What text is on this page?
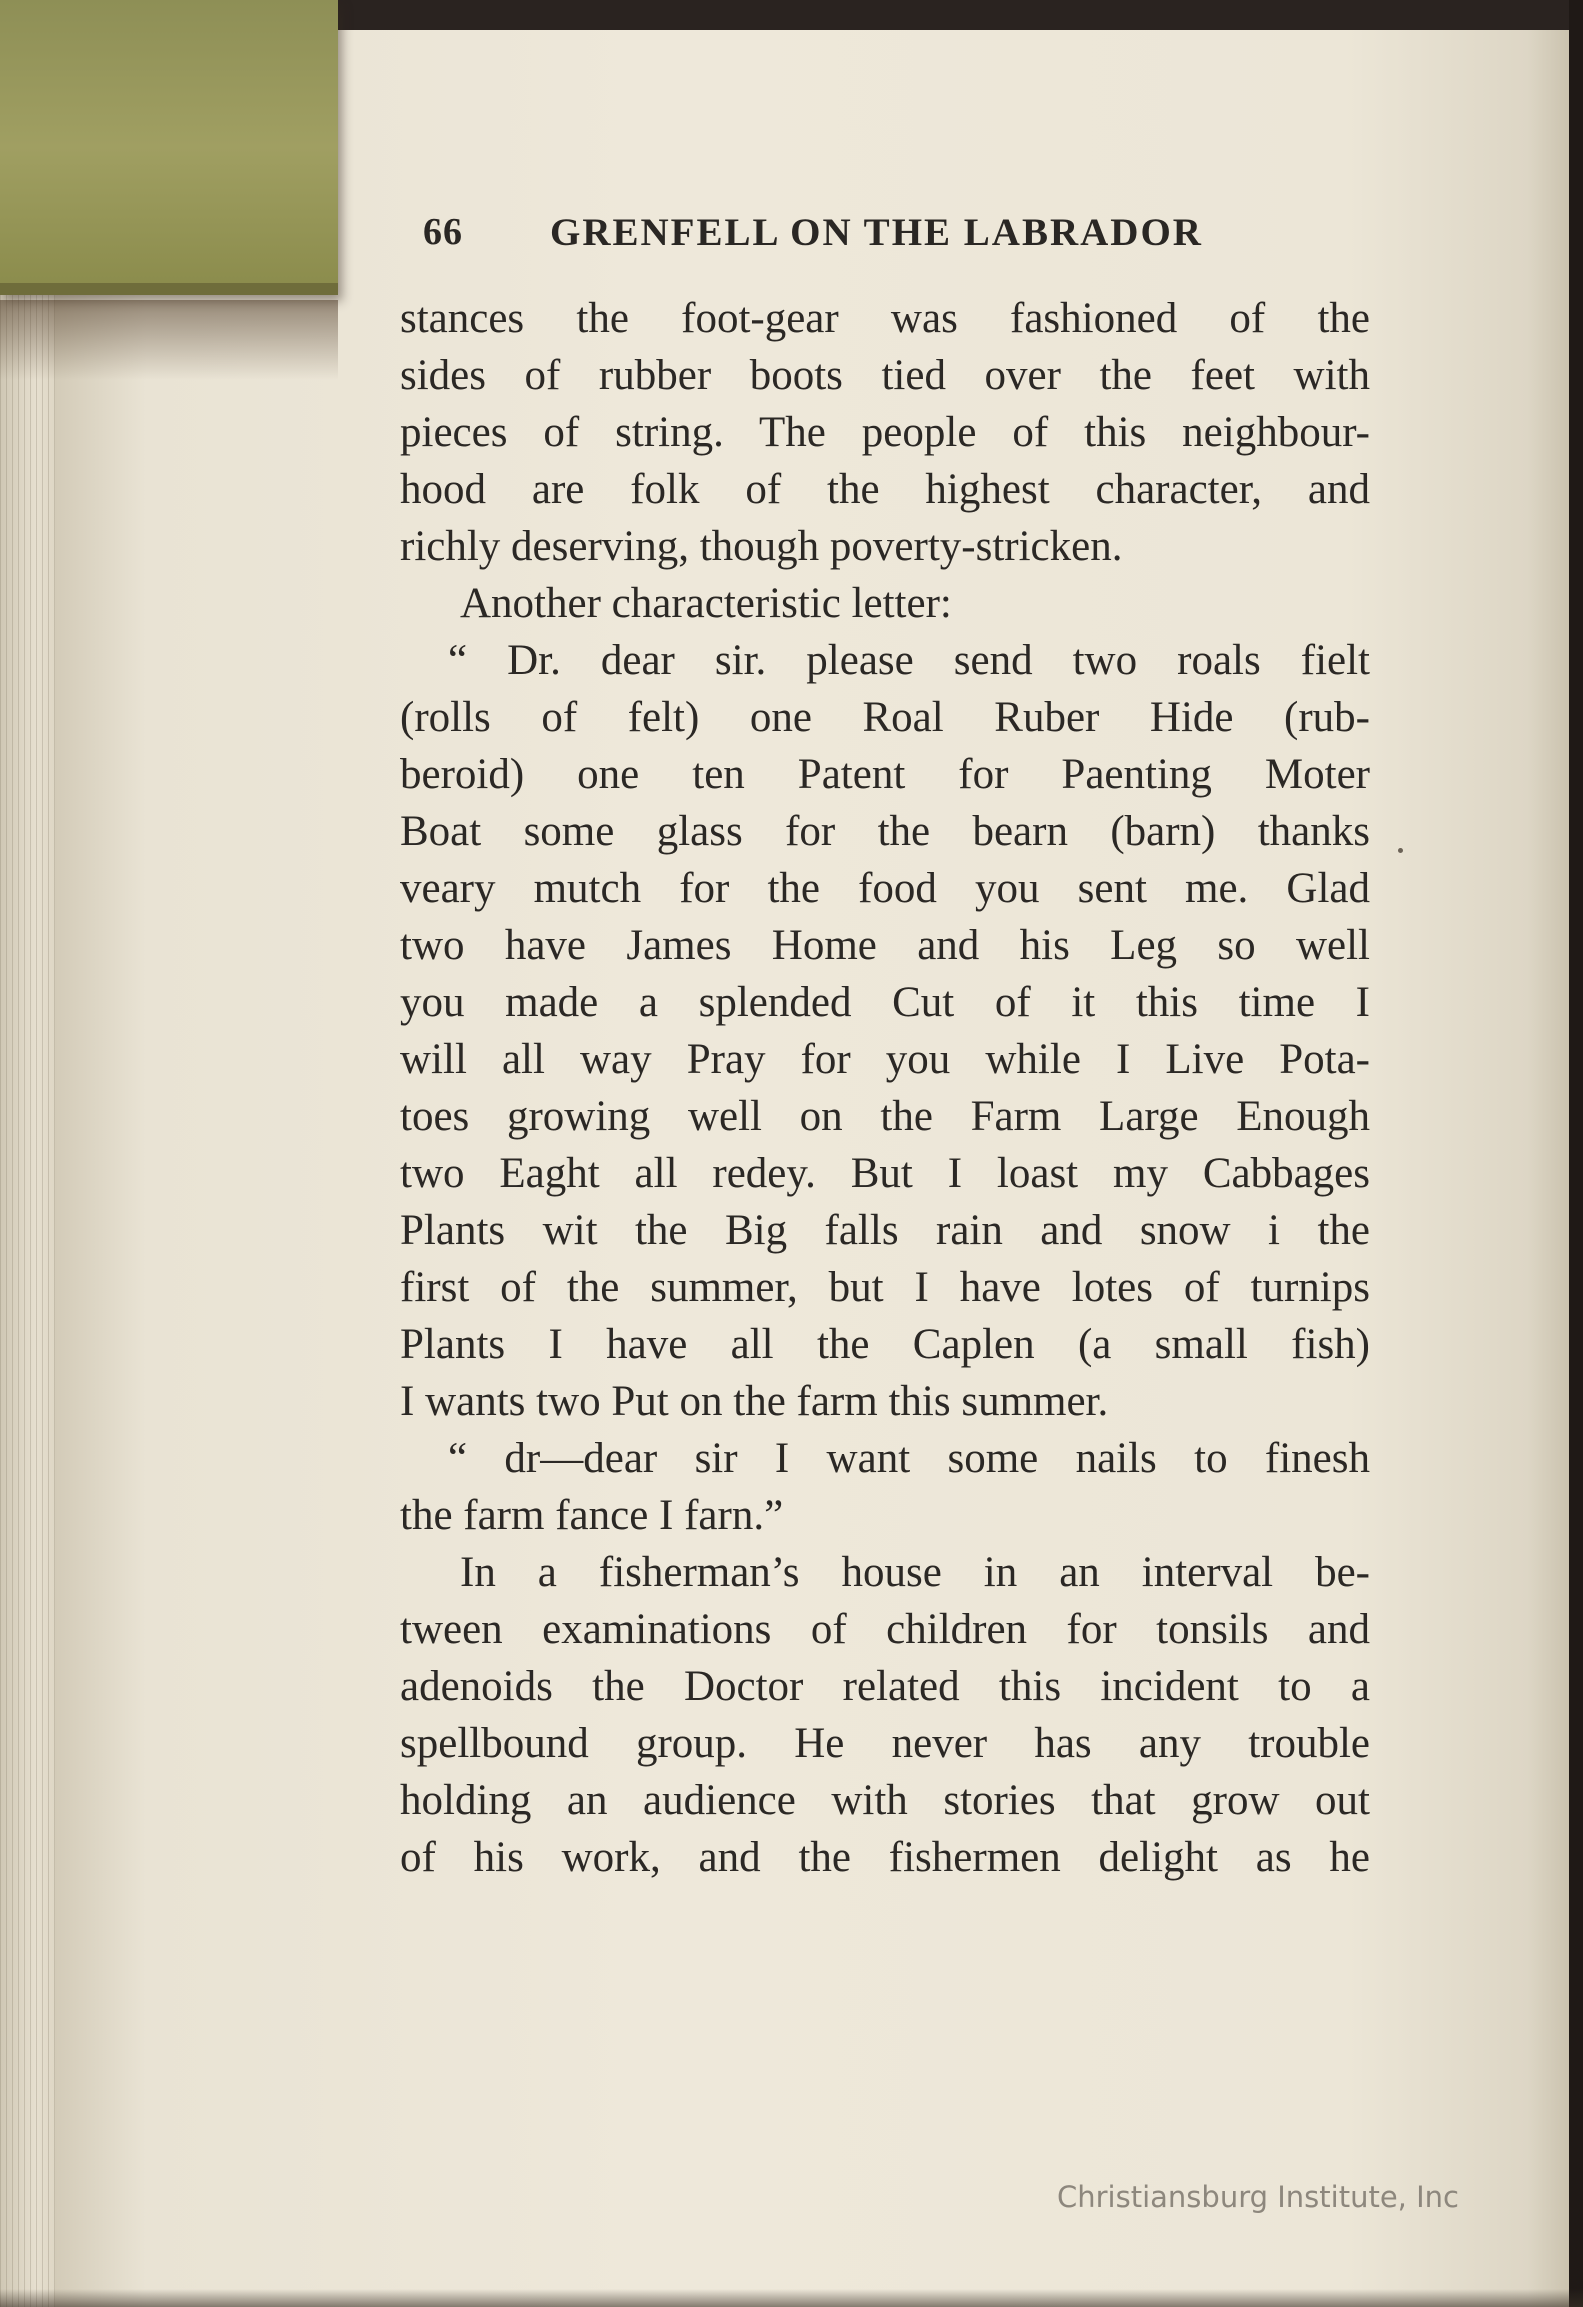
66 GRENFELL ON THE LABRADOR
stances the foot-gear was fashioned of the
sides of rubber boots tied over the feet with
pieces of string. The people of this neighbour-
hood are folk of the highest character, and
richly deserving, though poverty-stricken.
Another characteristic letter:
“ Dr. dear sir. please send two roals fielt
(rolls of felt) one Roal Ruber Hide (rub-
beroid) one ten Patent for Paenting Moter
Boat some glass for the bearn (barn) thanks
veary mutch for the food you sent me. Glad
two have James Home and his Leg so well
you made a splended Cut of it this time I
will all way Pray for you while I Live Pota-
toes growing well on the Farm Large Enough
two Eaght all redey. But I loast my Cabbages
Plants wit the Big falls rain and snow i the
first of the summer, but I have lotes of turnips
Plants I have all the Caplen (a small fish)
I wants two Put on the farm this summer.
“ dr—dear sir I want some nails to finesh
the farm fance I farn.”
In a fisherman’s house in an interval be-
tween examinations of children for tonsils and
adenoids the Doctor related this incident to a
spellbound group. He never has any trouble
holding an audience with stories that grow out
of his work, and the fishermen delight as he
Christiansburg Institute, Inc
